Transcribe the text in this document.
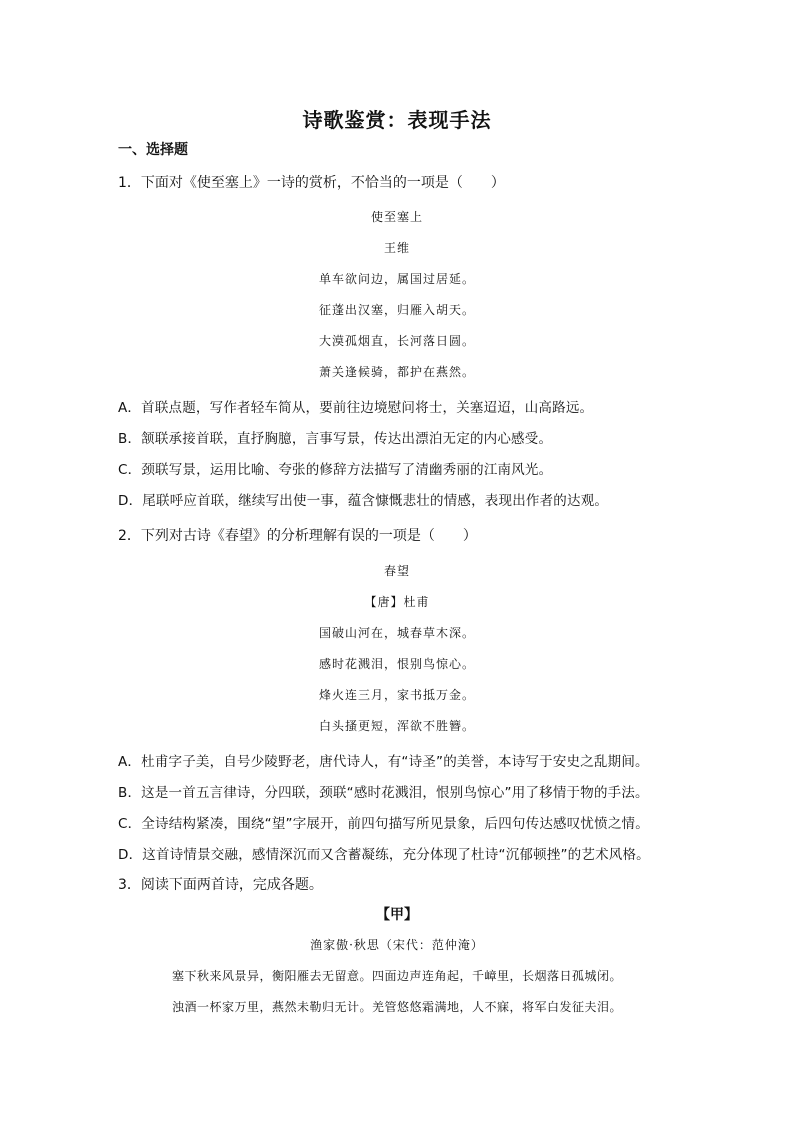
诗歌鉴赏：表现手法
一、选择题
1．下面对《使至塞上》一诗的赏析，不恰当的一项是（　　）
使至塞上
王维
单车欲问边，属国过居延。
征蓬出汉塞，归雁入胡天。
大漠孤烟直，长河落日圆。
萧关逢候骑，都护在燕然。
A．首联点题，写作者轻车简从，要前往边境慰问将士，关塞迢迢，山高路远。
B．颔联承接首联，直抒胸臆，言事写景，传达出漂泊无定的内心感受。
C．颈联写景，运用比喻、夸张的修辞方法描写了清幽秀丽的江南风光。
D．尾联呼应首联，继续写出使一事，蕴含慷慨悲壮的情感，表现出作者的达观。
2．下列对古诗《春望》的分析理解有误的一项是（　　）
春望
【唐】杜甫
国破山河在，城春草木深。
感时花溅泪，恨别鸟惊心。
烽火连三月，家书抵万金。
白头搔更短，浑欲不胜簪。
A．杜甫字子美，自号少陵野老，唐代诗人，有“诗圣”的美誉，本诗写于安史之乱期间。
B．这是一首五言律诗，分四联，颈联“感时花溅泪，恨别鸟惊心”用了移情于物的手法。
C．全诗结构紧凑，围绕“望”字展开，前四句描写所见景象，后四句传达感叹忧愤之情。
D．这首诗情景交融，感情深沉而又含蓄凝练，充分体现了杜诗“沉郁顿挫”的艺术风格。
3．阅读下面两首诗，完成各题。
【甲】
渔家傲·秋思（宋代：范仲淹）
塞下秋来风景异，衡阳雁去无留意。四面边声连角起，千嶂里，长烟落日孤城闭。
浊酒一杯家万里，燕然未勒归无计。羌管悠悠霜满地，人不寐，将军白发征夫泪。
